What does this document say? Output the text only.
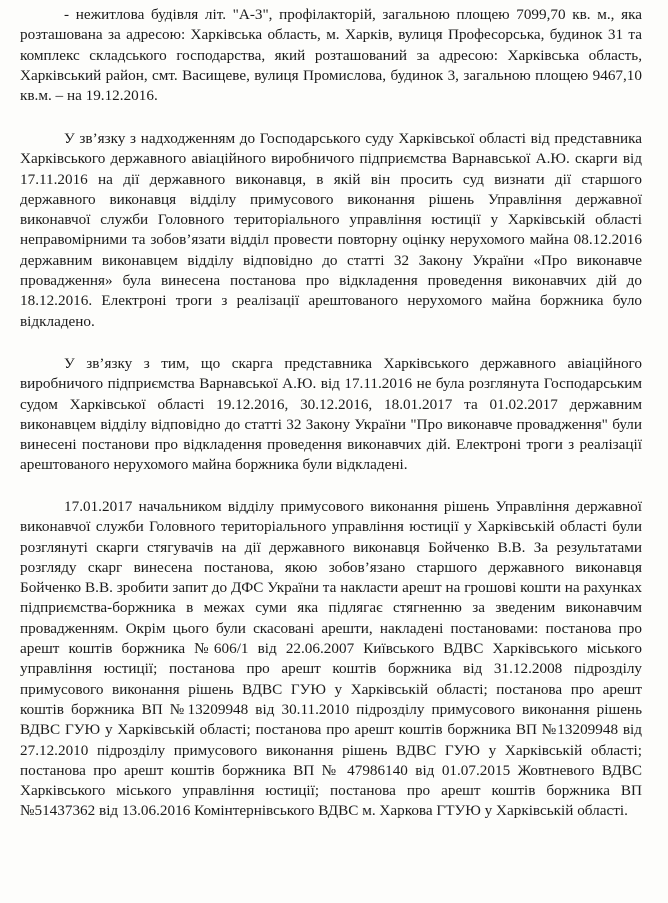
- нежитлова будівля літ. "А-3", профілакторій, загальною площею 7099,70 кв. м., яка розташована за адресою: Харківська область, м. Харків, вулиця Професорська, будинок 31 та комплекс складського господарства, який розташований за адресою: Харківська область, Харківський район, смт. Васищеве, вулиця Промислова, будинок 3, загальною площею 9467,10 кв.м. – на 19.12.2016.

У зв’язку з надходженням до Господарського суду Харківської області від представника Харківського державного авіаційного виробничого підприємства Варнавської А.Ю. скарги від 17.11.2016 на дії державного виконавця, в якій він просить суд визнати дії старшого державного виконавця відділу примусового виконання рішень Управління державної виконавчої служби Головного територіального управління юстиції у Харківській області неправомірними та зобов’язати відділ провести повторну оцінку нерухомого майна 08.12.2016 державним виконавцем відділу відповідно до статті 32 Закону України «Про виконавче провадження» була винесена постанова про відкладення проведення виконавчих дій до 18.12.2016. Електроні троги з реалізації арештованого нерухомого майна боржника було відкладено.

У зв’язку з тим, що скарга представника Харківського державного авіаційного виробничого підприємства Варнавської А.Ю. від 17.11.2016 не була розглянута Господарським судом Харківської області 19.12.2016, 30.12.2016, 18.01.2017 та 01.02.2017 державним виконавцем відділу відповідно до статті 32 Закону України "Про виконавче провадження" були винесені постанови про відкладення проведення виконавчих дій. Електроні троги з реалізації арештованого нерухомого майна боржника були відкладені.

17.01.2017 начальником відділу примусового виконання рішень Управління державної виконавчої служби Головного територіального управління юстиції у Харківській області були розглянуті скарги стягувачів на дії державного виконавця Бойченко В.В. За результатами розгляду скарг винесена постанова, якою зобов’язано старшого державного виконавця Бойченко В.В. зробити запит до ДФС України та накласти арешт на грошові кошти на рахунках підприємства-боржника в межах суми яка підлягає стягненню за зведеним виконавчим провадженням. Окрім цього були скасовані арешти, накладені постановами: постанова про арешт коштів боржника №606/1 від 22.06.2007 Київського ВДВС Харківського міського управління юстиції; постанова про арешт коштів боржника від 31.12.2008 підрозділу примусового виконання рішень ВДВС ГУЮ у Харківській області; постанова про арешт коштів боржника ВП №13209948 від 30.11.2010 підрозділу примусового виконання рішень ВДВС ГУЮ у Харківській області; постанова про арешт коштів боржника ВП №13209948 від 27.12.2010 підрозділу примусового виконання рішень ВДВС ГУЮ у Харківській області; постанова про арешт коштів боржника ВП № 47986140 від 01.07.2015 Жовтневого ВДВС Харківського міського управління юстиції; постанова про арешт коштів боржника ВП №51437362 від 13.06.2016 Комінтернівського ВДВС м. Харкова ГТУЮ у Харківській області.
